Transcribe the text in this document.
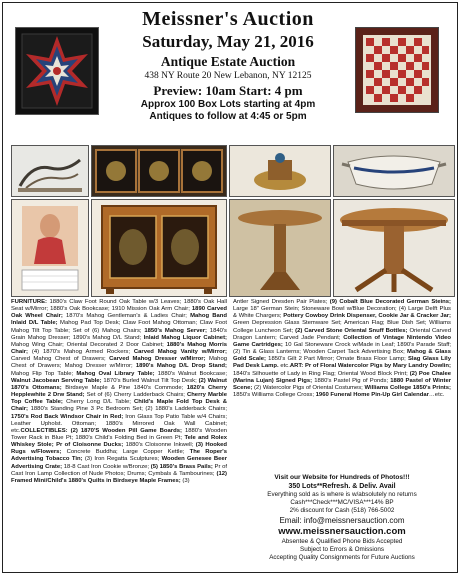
Meissner's Auction
Saturday, May 21, 2016
Antique Estate Auction
438 NY Route 20 New Lebanon, NY 12125
Preview: 10am Start: 4 pm
Approx 100 Box Lots starting at 4pm
Antiques to follow at 4:45 or 5pm

FURNITURE: 1880's Claw Foot Round Oak Table w/3 Leaves; 1880's Oak Hall Seat w/Mirror; 1880's Oak Bookcase; 1910 Mission Oak Arm Chair; 1890 Carved Oak Wheel Chair; 1870's Mahog Gentleman's & Ladies Chair; Mahog Band Inlaid D/L Table; Mahog Pad Top Desk; Claw Foot Mahog Ottoman; Claw Foot Mahog Tilt Top Table; Set of (6) Mahog Chairs; 1850's Mahog Server; 1840's Grain Mahog Dresser; 1890's Mahog D/L Stand; Inlaid Mahog Liquor Cabinet; Mahog Wing Chair; Oriental Decorated 2 Door Cabinet; 1880's Mahog Morris Chair; (4) 1870's Mahog Armed Rockers; Carved Mahog Vanity w/Mirror; Carved Mahog Chest of Drawers; Carved Mahog Dresser w/Mirror; Mahog Chest of Drawers; Mahog Dresser w/Mirror; 1890's Mahog D/L Drop Stand; Mahog Flip Top Table; Mahog Oval Library Table; 1880's Walnut Bookcase; Walnut Jacobean Serving Table; 1870's Burled Walnut Tilt Top Desk; (2) Walnut 1870's Ottomans; Birdseye Maple & Pine 1840's Commode; 1820's Cherry Hepplewhite 2 Drw Stand; Set of (6) Cherry Ladderback Chairs; Cherry Marble Top Coffee Table; Cherry Long D/L Table; Child's Maple Fold Top Desk & Chair; 1880's Standing Pine 3 Pc Bedroom Set; (2) 1880's Ladderback Chairs; 1750's Rod Back Windsor Chair in Red; Iron Glass Top Patio Table w/4 Chairs; Leather Upholst. Ottoman; 1880's Mirrored Oak Wall Cabinet; etc.COLLECTIBLES: (2) 1870'S Wooden Pill Game Boards; 1880's Wooden Tower Rack in Blue Pt; 1880's Child's Folding Bed in Green Pt; Tele and Rolex Whiskey Stole; Pr of Cloisonne Ducks; 1880's Cloisonne Inkwell; (3) Hooked Rugs w/Flowers; Concrete Buddha; Large Copper Kettle; The Roper's Advertising Tobacco Tin; (3) Iron Regatta Sculptures; Wooden Genesee Beer Advertising Crate; 18-8 Cast Iron Cookie w/Bronze; (5) 1850's Brass Pails; Pr of Cast Iron Lamp Collection of Nude Photos; Drums; Cymbals & Tambourines; (12) Framed Mini/Child's 1880's Quilts in Birdseye Maple Frames; (3)

Antler Signed Dresden Pair Plates; (9) Cobalt Blue Decorated German Steins; Large 18" German Stein; Stoneware Bowl w/Blue Decoration; (4) Large Delft Plus & White Chargers; Pottery Cowboy Drink Dispenser, Cookie Jar & Cracker Jar; Green Depression Glass Stemware Set; American Flag; Blue Dish Set; Williams College Luncheon Set; (2) Carved Stone Oriental Snuff Bottles; Oriental Carved Dragon Lantern; Carved Jade Pendant; Collection of Vintage Nintendo Video Game Cartridges; 10 Gal Stoneware Crock w/Made in Leaf; 1890's Parade Staff; (2) Tin & Glass Lanterns; Wooden Carpet Tack Advertising Box; Mahog & Glass Gold Scale; 1850's Gilt 2 Part Mirror; Ornate Brass Floor Lamp; Slag Glass Lily Pad Desk Lamp. etc.ART: Pr of Floral Watercolor Pigs by Mary Landry Dowlin; 1840's Silhouette of Lady in Ring Flag; Oriental Wood Block Print; (2) Poe Chalee (Marina Lujan) Signed Pigs; 1880's Pastel Pig of Ponds; 1880 Pastel of Winter Scene; (2) Watercolor Pigs of Oriental Costumes; Williams College 1850's Prints; 1850's Williams College Cross; 1960 Funeral Home Pin-Up Girl Calendar…etc.

Visit our Website for Hundreds of Photos!!!
350 Lots**Refresh. & Deliv. Avail
Everything sold as is where is w/absolutely no returns
Cash***Check***MC/VISA***14% BP
2% discount for Cash (518) 766-5002
Email: info@meissnersauction.com
www.meissnersauction.com
Absentee & Qualified Phone Bids Accepted
Subject to Errors & Omissions
Accepting Quality Consignments for Future Auctions
